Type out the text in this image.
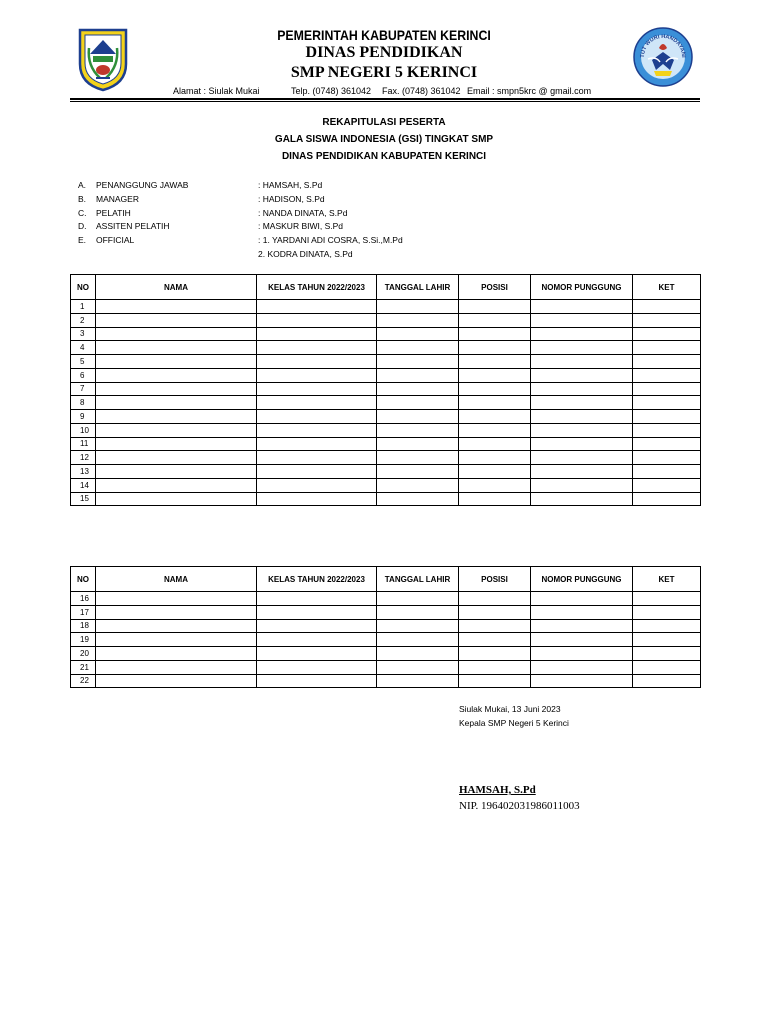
PEMERINTAH KABUPATEN KERINCI
DINAS PENDIDIKAN
SMP NEGERI 5 KERINCI
TUT WURI HANDAYANI

Alamat : Siulak Mukai

	Telp. (0748) 361042

Fax. (0748) 361042

Email : smpn5krc @ gmail.com

REKAPITULASI PESERTA
GALA SISWA INDONESIA (GSI) TINGKAT SMP
DINAS PENDIDIKAN KABUPATEN KERINCI
A. PENANGGUNG JAWAB	: HAMSAH, S.Pd
B. MANAGER	: HADISON, S.Pd
C. PELATIH	: NANDA DINATA, S.Pd
D. ASSITEN PELATIH	: MASKUR BIWI, S.Pd
E. OFFICIAL	: 1. YARDANI ADI COSRA, S.Si.,M.Pd
2. KODRA DINATA, S.Pd
NO	NAMA	KELAS TAHUN 2022/2023	TANGGAL LAHIR	POSISI	NOMOR PUNGGUNG	KET
1						
2						
3						
4						
5						
6						
7						
8						
9						
10						
11						
12						
13						
14						
15						
NO	NAMA	KELAS TAHUN 2022/2023	TANGGAL LAHIR	POSISI	NOMOR PUNGGUNG	KET
16						
17						
18						
19						
20						
21						
22						
Siulak Mukai, 13 Juni 2023
Kepala SMP Negeri 5 Kerinci
HAMSAH, S.Pd
NIP. 196402031986011003
